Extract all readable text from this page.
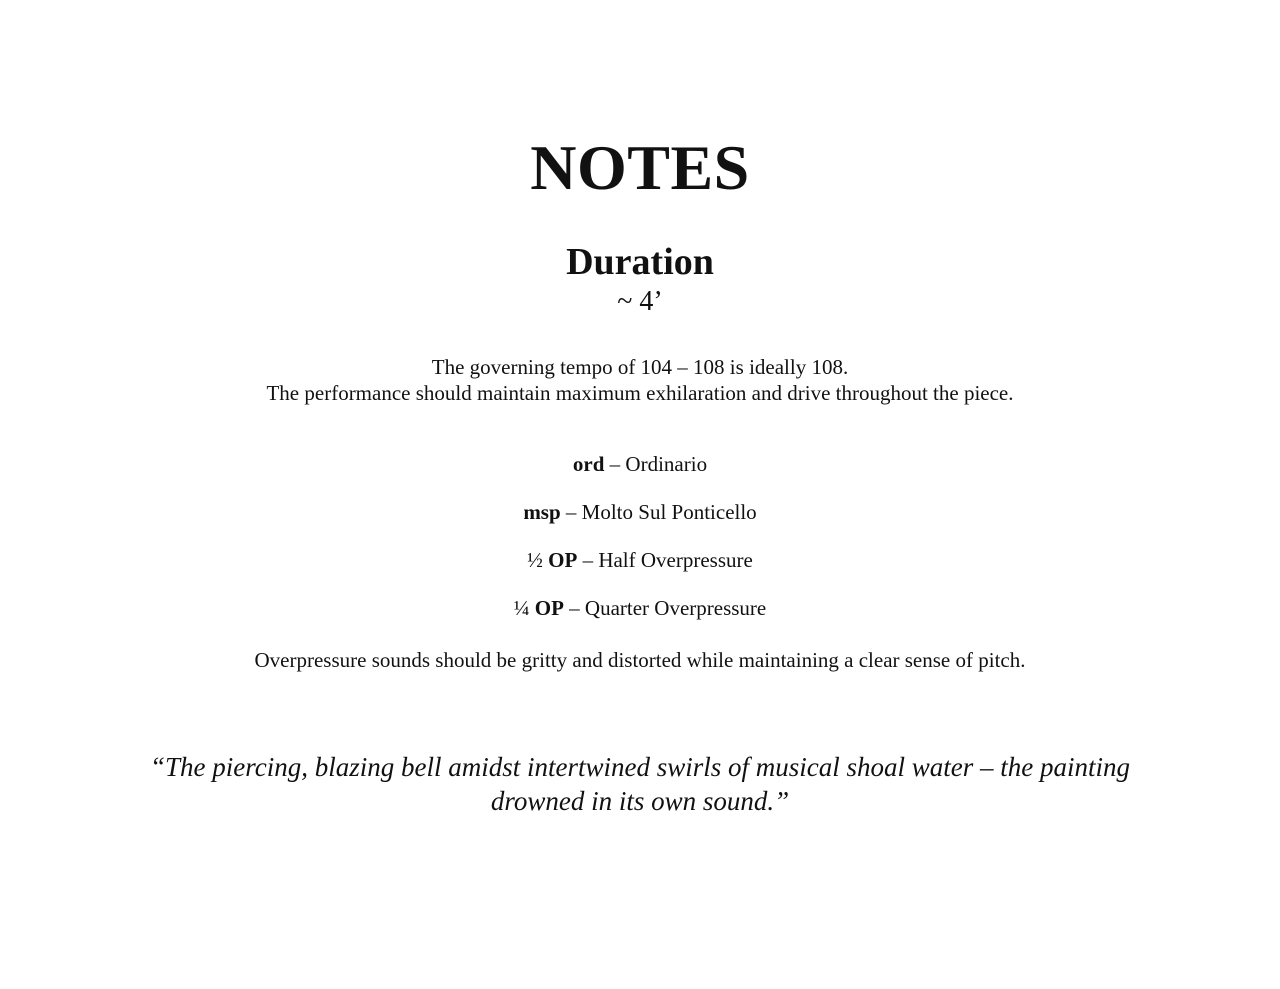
NOTES
Duration
~ 4’
The governing tempo of 104 – 108 is ideally 108.
The performance should maintain maximum exhilaration and drive throughout the piece.
ord – Ordinario
msp – Molto Sul Ponticello
½ OP – Half Overpressure
¼ OP – Quarter Overpressure
Overpressure sounds should be gritty and distorted while maintaining a clear sense of pitch.
“The piercing, blazing bell amidst intertwined swirls of musical shoal water – the painting drowned in its own sound.”
